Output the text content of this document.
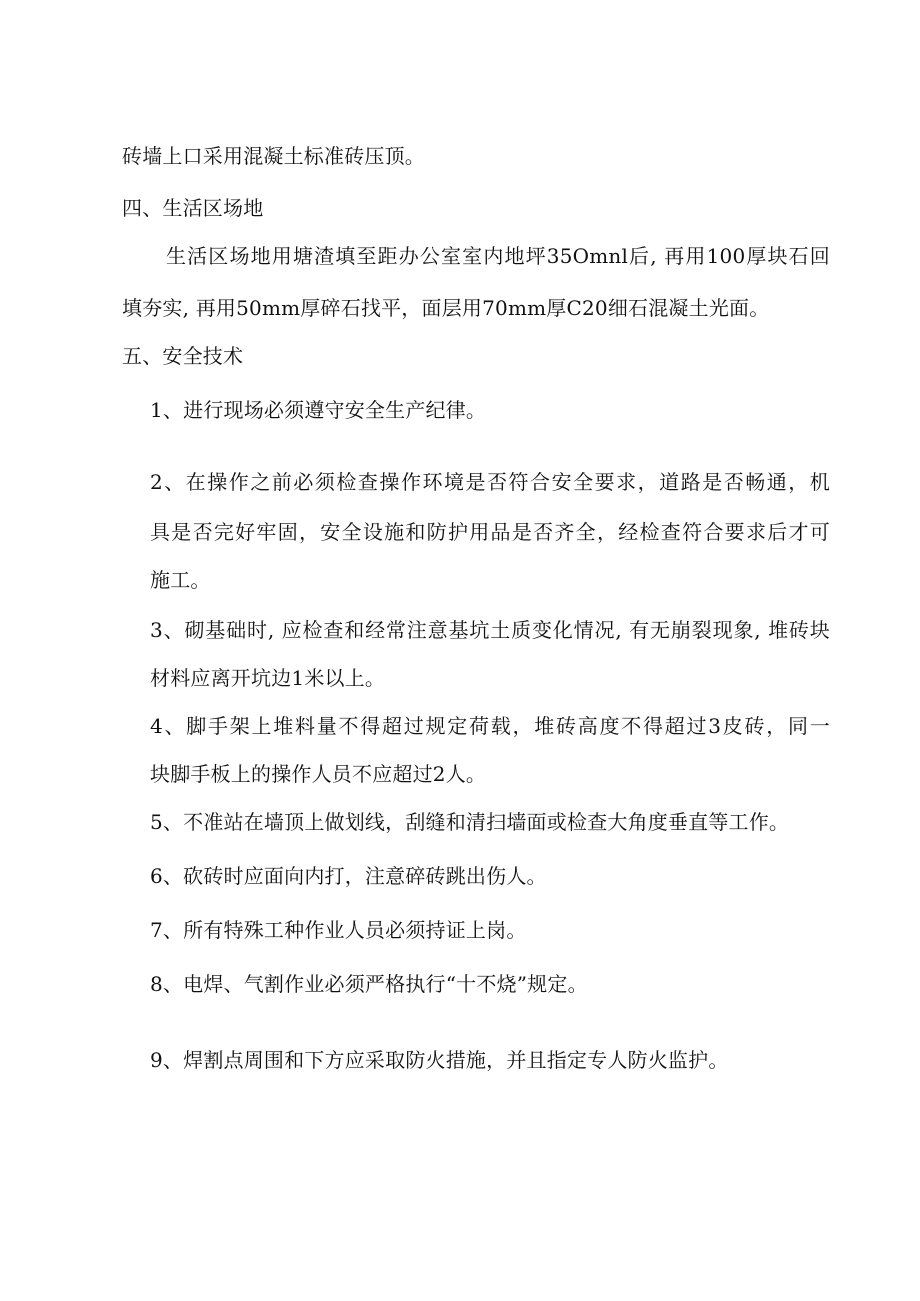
砖墙上口采用混凝土标准砖压顶。
四、生活区场地
生活区场地用塘渣填至距办公室室内地坪35Omnl后, 再用100厚块石回
填夯实, 再用50mm厚碎石找平，面层用70mm厚C20细石混凝土光面。
五、安全技术
1、进行现场必须遵守安全生产纪律。
2、在操作之前必须检查操作环境是否符合安全要求，道路是否畅通，机
具是否完好牢固，安全设施和防护用品是否齐全，经检查符合要求后才可
施工。
3、砌基础时, 应检查和经常注意基坑土质变化情况, 有无崩裂现象, 堆砖块
材料应离开坑边1米以上。
4、脚手架上堆料量不得超过规定荷载，堆砖高度不得超过3皮砖，同一
块脚手板上的操作人员不应超过2人。
5、不准站在墙顶上做划线，刮缝和清扫墙面或检查大角度垂直等工作。
6、砍砖时应面向内打，注意碎砖跳出伤人。
7、所有特殊工种作业人员必须持证上岗。
8、电焊、气割作业必须严格执行“十不烧”规定。
9、焊割点周围和下方应采取防火措施，并且指定专人防火监护。
